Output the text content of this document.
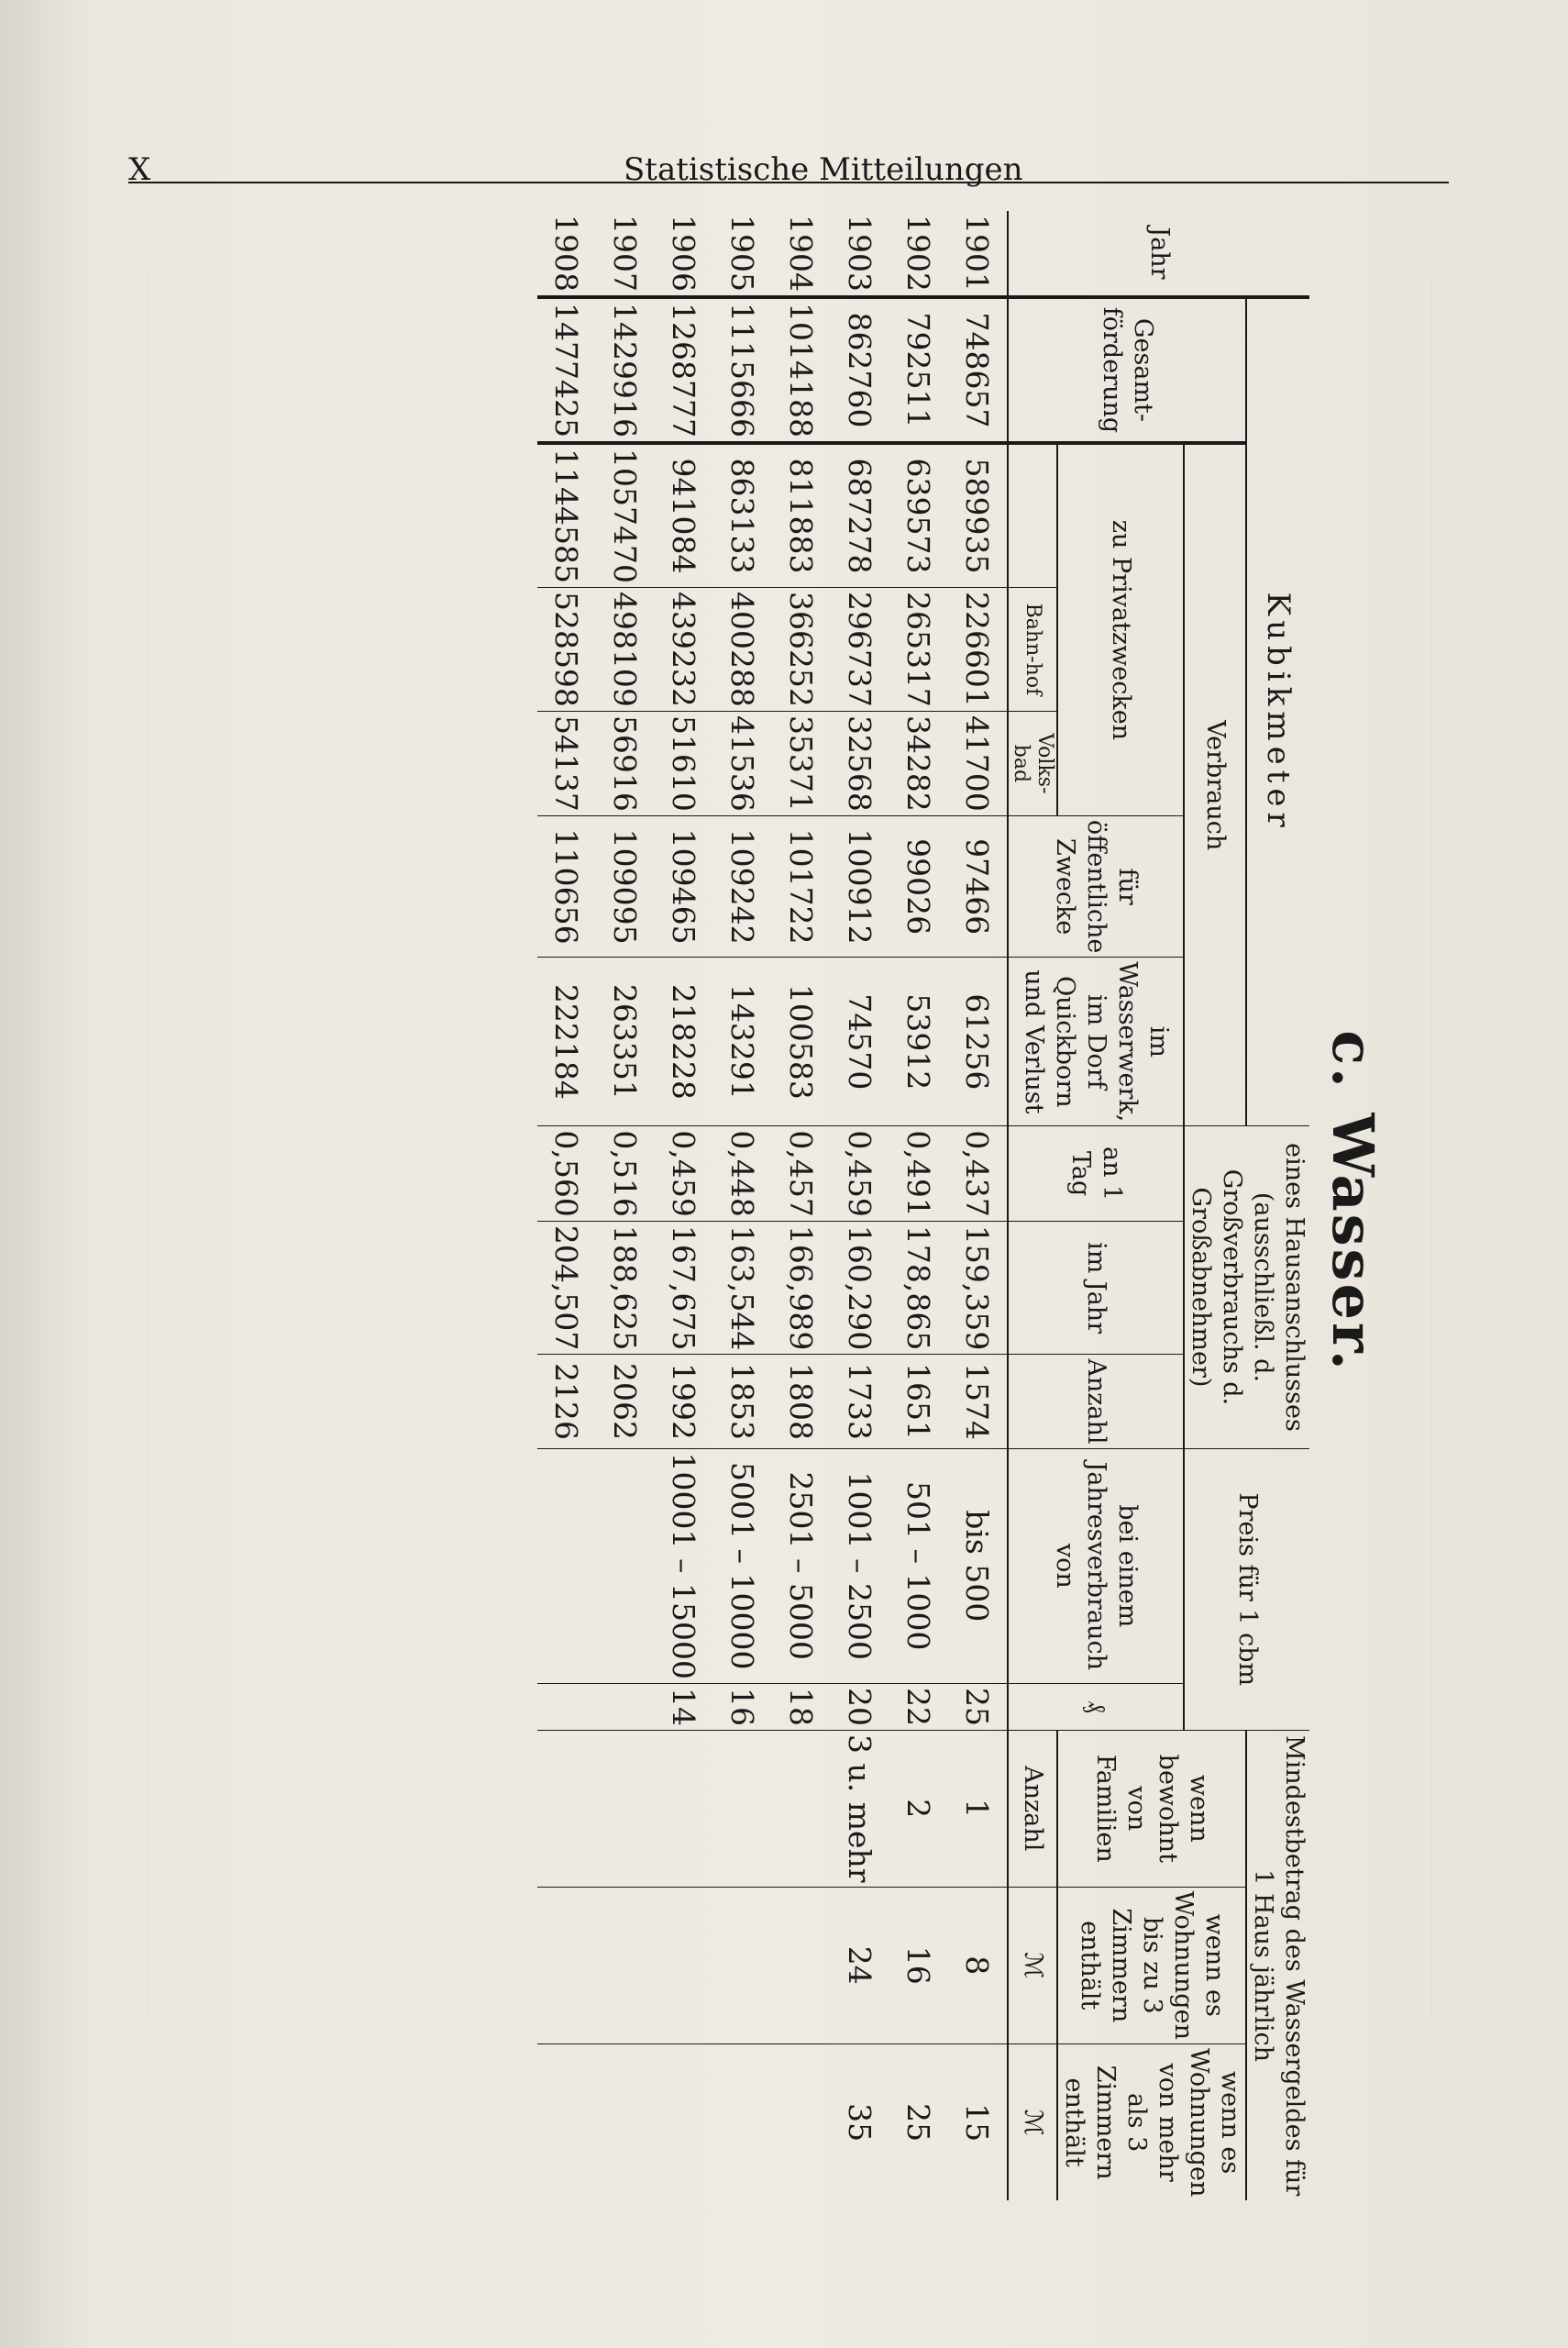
X	Statistische Mitteilungen
c. Wasser.
Jahr	Kubikmeter						eines Hausanschlusses (ausschließl. d. Großverbrauchs d. Großabnehmer)			Preis für 1 cbm		Mindestbetrag des Wassergeldes für 1 Haus jährlich		
	Gesamt-förderung	Verbrauch										wenn bewohnt von Familien	wenn es Wohnungen bis zu 3 Zimmern enthält	wenn es Wohnungen von mehr als 3 Zimmern enthält
		zu Privatzwecken			für öffentliche Zwecke	im Wasserwerk, im Dorf Quickborn und Verlust	an 1 Tag	im Jahr	Anzahl	bei einem Jahresverbrauch von	₰			
			Bahn-hof	Volks-bad								Anzahl	ℳ	ℳ
1901	748657	589935	226601	41700	97466	61256	0,437	159,359	1574	bis 500	25	1	8	15
1902	792511	639573	265317	34282	99026	53912	0,491	178,865	1651	501 – 1000	22	2	16	25
1903	862760	687278	296737	32568	100912	74570	0,459	160,290	1733	1001 – 2500	20	3 u. mehr	24	35
1904	1014188	811883	366252	35371	101722	100583	0,457	166,989	1808	2501 – 5000	18			
1905	1115666	863133	400288	41536	109242	143291	0,448	163,544	1853	5001 – 10000	16			
1906	1268777	941084	439232	51610	109465	218228	0,459	167,675	1992	10001 – 15000	14			
1907	1429916	1057470	498109	56916	109095	263351	0,516	188,625	2062					
1908	1477425	1144585	528598	54137	110656	222184	0,560	204,507	2126					
